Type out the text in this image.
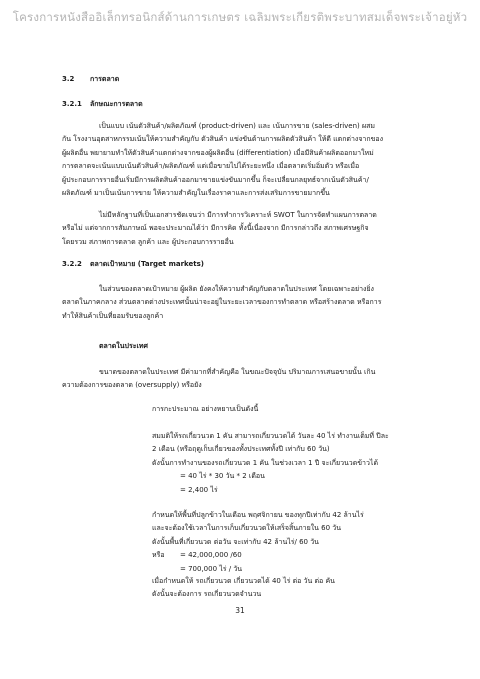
โครงการหนังสืออิเล็กทรอนิกส์ด้านการเกษตร เฉลิมพระเกียรติพระบาทสมเด็จพระเจ้าอยู่หัว
3.2 การตลาด
3.2.1 ลักษณะการตลาด
เป็นแบบ เน้นตัวสินค้า/ผลิตภัณฑ์ (product-driven) และ เน้นการขาย (sales-driven) ผสม
กัน โรงงานอุตสาหกรรมเน้นให้ความสำคัญกับ ตัวสินค้า แข่งขันด้านการผลิตตัวสินค้า ให้ดี แตกต่างจากของ
ผู้ผลิตอื่น พยายามทำให้ตัวสินค้าแตกต่างจากของผู้ผลิตอื่น (differentiation) เมื่อมีสินค้าผลิตออกมาใหม่
การตลาดจะเน้นแบบเน้นตัวสินค้า/ผลิตภัณฑ์ แต่เมื่อขายไปได้ระยะหนึ่ง เมื่อตลาดเริ่มอิ่มตัว หรือเมื่อ
ผู้ประกอบการรายอื่นเริ่มมีการผลิตสินค้าออกมาขายแข่งขันมากขึ้น ก็จะเปลี่ยนกลยุทธ์จากเน้นตัวสินค้า/
ผลิตภัณฑ์ มาเป็นเน้นการขาย ให้ความสำคัญในเรื่องราคาและการส่งเสริมการขายมากขึ้น
ไม่มีหลักฐานที่เป็นเอกสารชัดเจนว่า มีการทำการวิเคราะห์ SWOT ในการจัดทำแผนการตลาด
หรือไม่ แต่จากการสัมภาษณ์ พอจะประมาณได้ว่า มีการคิด ทั้งนี้เนื่องจาก มีการกล่าวถึง สภาพเศรษฐกิจ
โดยรวม สภาพการตลาด ลูกค้า และ ผู้ประกอบการรายอื่น
3.2.2 ตลาดเป้าหมาย (Target markets)
ในส่วนของตลาดเป้าหมาย ผู้ผลิต ยังคงให้ความสำคัญกับตลาดในประเทศ โดยเฉพาะอย่างยิ่ง
ตลาดในภาคกลาง ส่วนตลาดต่างประเทศนั้นน่าจะอยู่ในระยะเวลาของการทำตลาด หรือสร้างตลาด หรือการ
ทำให้สินค้าเป็นที่ยอมรับของลูกค้า
ตลาดในประเทศ
ขนาดของตลาดในประเทศ มีค่ามากที่สำคัญคือ ในขณะปัจจุบัน ปริมาณการเสนอขายนั้น เกิน
ความต้องการของตลาด (oversupply) หรือยัง
การกะประมาณ อย่างหยาบเป็นดังนี้
สมมติให้รถเกี่ยวนวด 1 คัน สามารถเกี่ยวนวดได้ วันละ 40 ไร่ ทำงานเต็มที่ ปีละ
2 เดือน (หรือฤดูเก็บเกี่ยวของทั้งประเทศทั้งปี เท่ากับ 60 วัน)
ดังนั้นการทำงานของรถเกี่ยวนวด 1 คัน ในช่วงเวลา 1 ปี จะเกี่ยวนวดข้าวได้
= 40 ไร่ * 30 วัน * 2 เดือน
= 2,400 ไร่
กำหนดให้พื้นที่ปลูกข้าวในเดือน พฤศจิกายน ของทุกปีเท่ากับ 42 ล้านไร่
และจะต้องใช้เวลาในการเก็บเกี่ยวนวดให้เสร็จสิ้นภายใน 60 วัน
ดังนั้นพื้นที่เกี่ยวนวด ต่อวัน จะเท่ากับ 42 ล้านไร่/ 60 วัน
หรือ = 42,000,000 /60
= 700,000 ไร่ / วัน
เมื่อกำหนดให้ รถเกี่ยวนวด เกี่ยวนวดได้ 40 ไร่ ต่อ วัน ต่อ คัน
ดังนั้นจะต้องการ รถเกี่ยวนวดจำนวน
31
